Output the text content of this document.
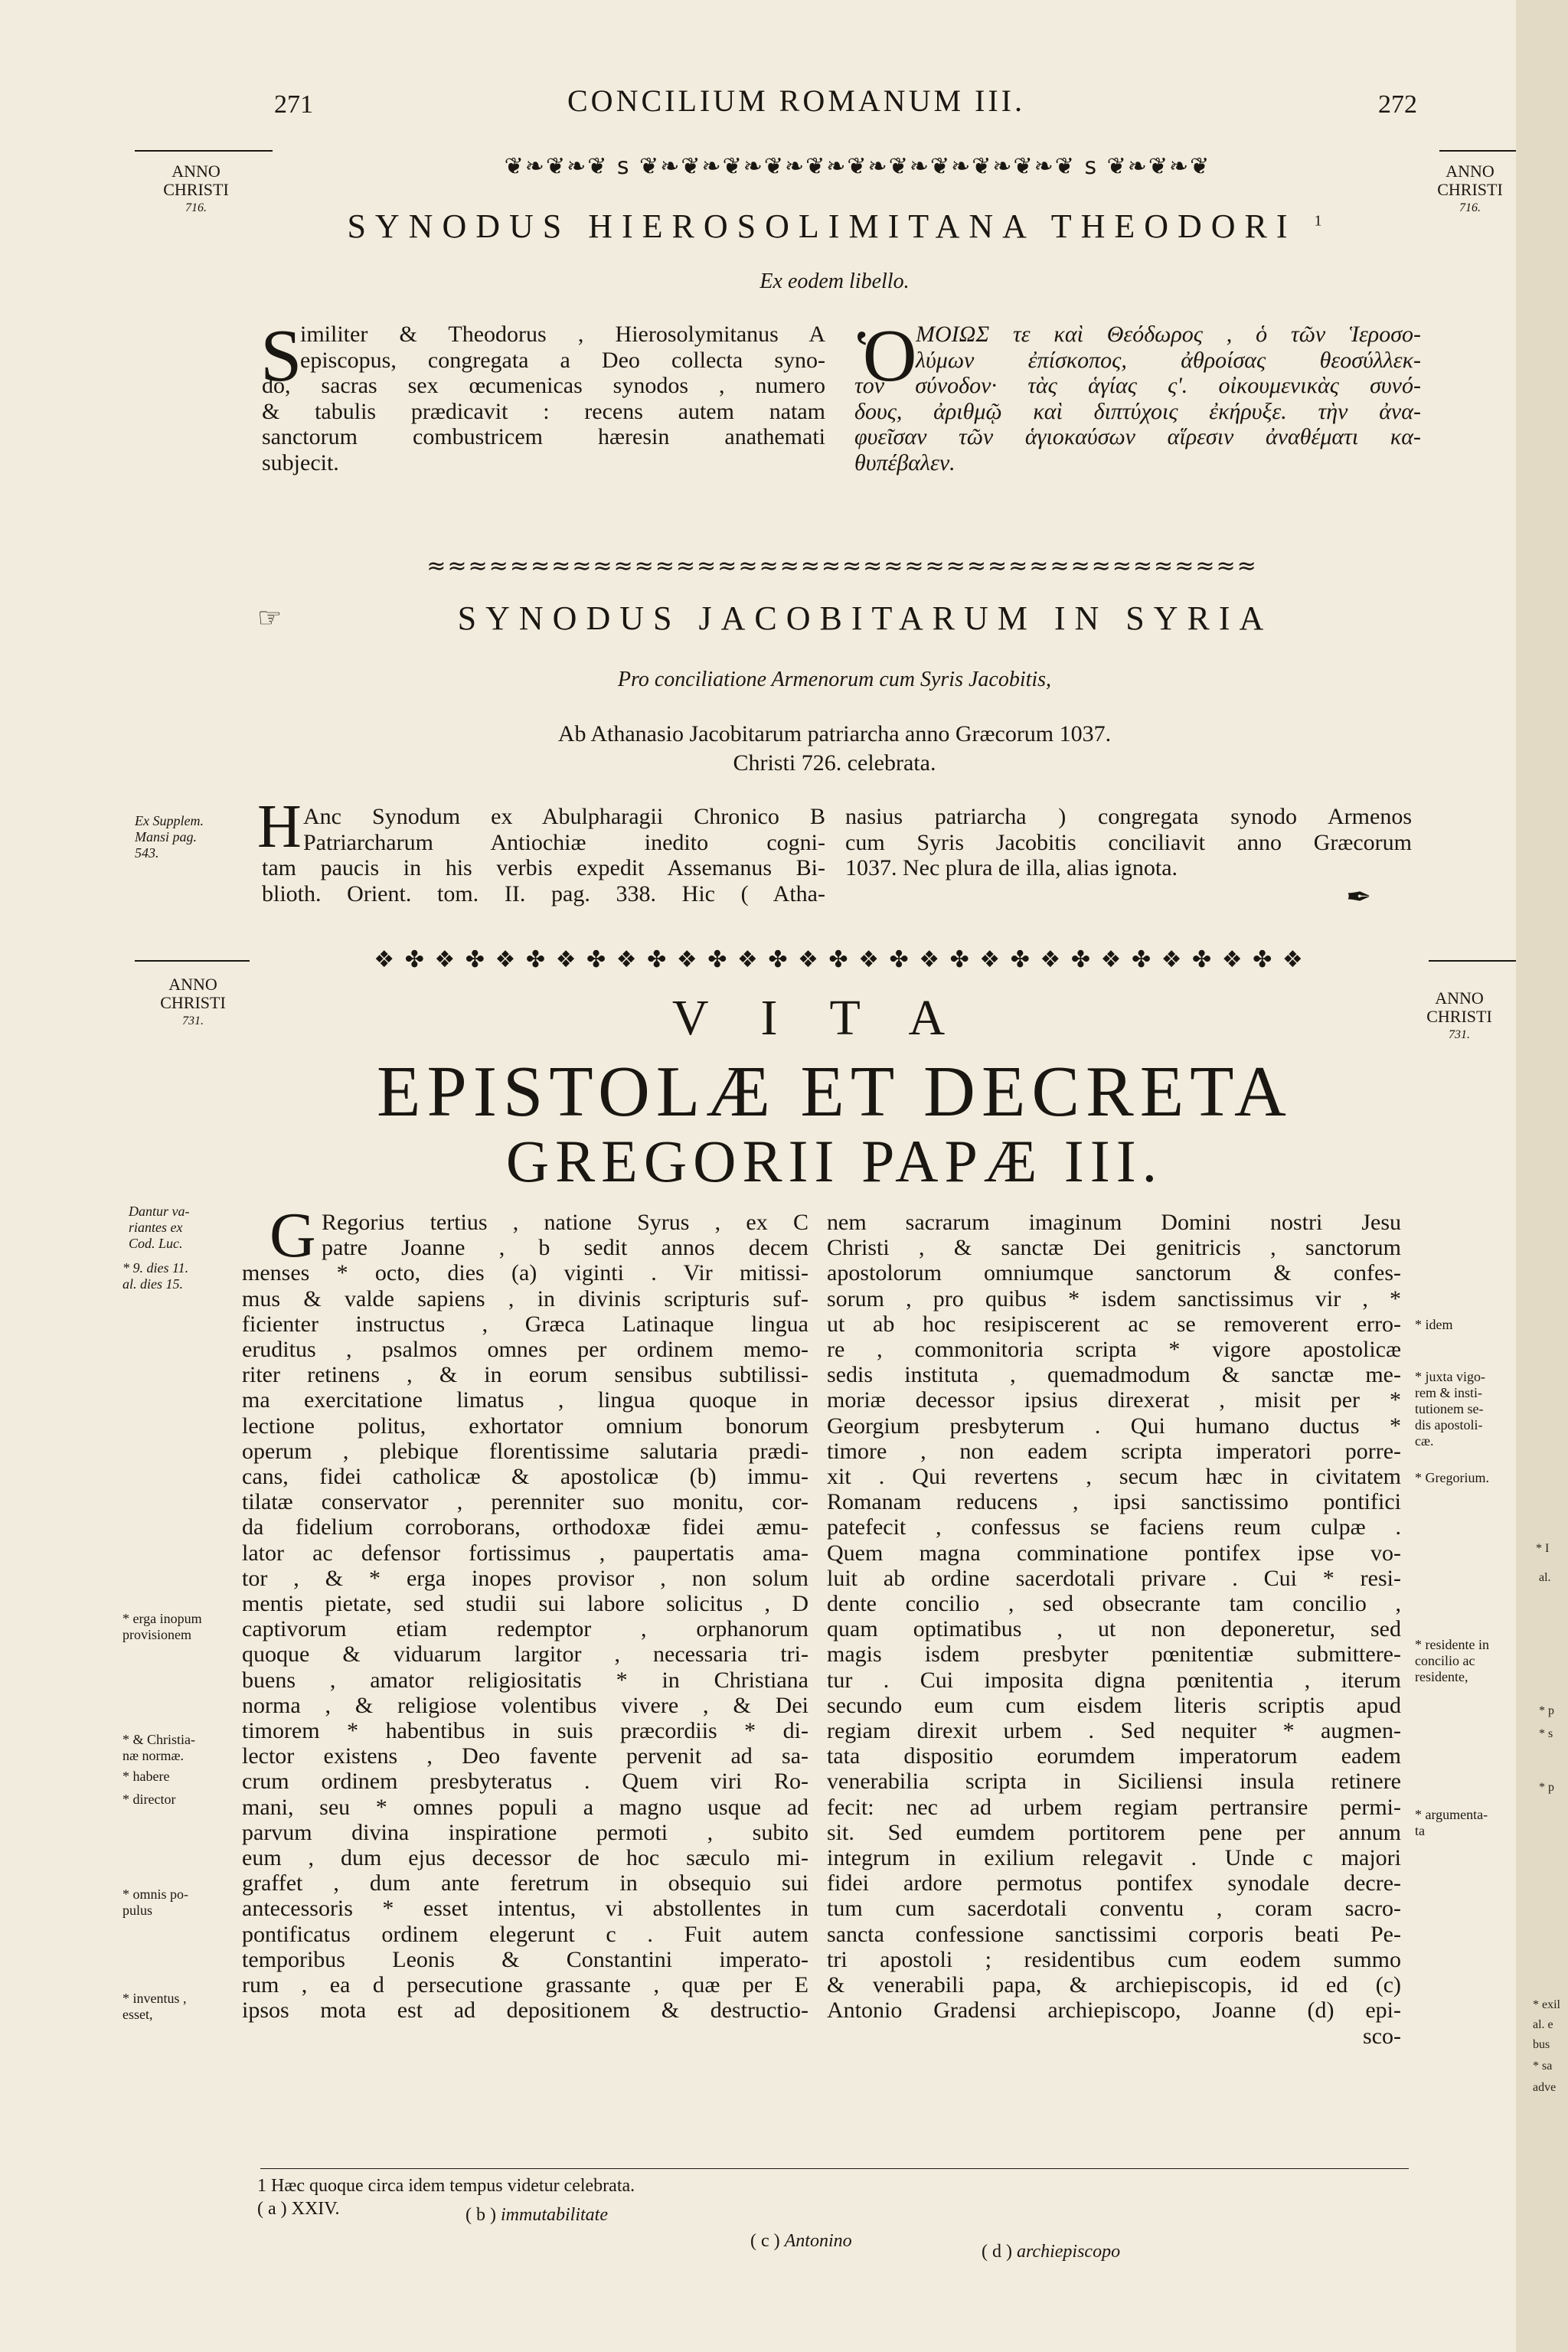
271	CONCILIUM ROMANUM III.	272
❦❧❦❧❦ s ❦❧❦❧❦❧❦❧❦❧❦❧❦❧❦❧❦❧❦❧❦ s ❦❧❦❧❦
ANNO
CHRISTI
716.
ANNO
CHRISTI
716.
SYNODUS HIEROSOLIMITANA THEODORI $^1$
Ex eodem libello.
S
imiliter & Theodorus , Hierosolymitanus A
episcopus, congregata a Deo collecta syno-
do, sacras sex œcumenicas synodos , numero
& tabulis prædicavit : recens autem natam
sanctorum combustricem hæresin anathemati
subjecit.
Ὁ
ΜΟΙΩΣ τε καὶ Θεόδωρος , ὁ τῶν Ἱεροσο-
λύμων ἐπίσκοπος, ἀθροίσας θεοσύλλεκ-
τον σύνοδον· τὰς ἁγίας ς'. οἰκουμενικὰς συνό-
δους, ἀριθμῷ καὶ διπτύχοις ἐκήρυξε. τὴν ἀνα-
φυεῖσαν τῶν ἁγιοκαύσων αἵρεσιν ἀναθέματι κα-
θυπέβαλεν.
≈≈≈≈≈≈≈≈≈≈≈≈≈≈≈≈≈≈≈≈≈≈≈≈≈≈≈≈≈≈≈≈≈≈≈≈≈≈≈≈
☞	SYNODUS JACOBITARUM IN SYRIA
Pro conciliatione Armenorum cum Syris Jacobitis,
Ab Athanasio Jacobitarum patriarcha anno Græcorum 1037.
Christi 726. celebrata.
Ex Supplem.
Mansi pag.
543.	H Anc Synodum ex Abulpharagii Chronico B
Patriarcharum Antiochiæ inedito cogni-
tam paucis in his verbis expedit Assemanus Bi-
blioth. Orient. tom. II. pag. 338. Hic ( Atha-
nasius patriarcha ) congregata synodo Armenos
cum Syris Jacobitis conciliavit anno Græcorum
1037. Nec plura de illa, alias ignota.
✒
❖ ✤ ❖ ✤ ❖ ✤ ❖ ✤ ❖ ✤ ❖ ✤ ❖ ✤ ❖ ✤ ❖ ✤ ❖ ✤ ❖ ✤ ❖ ✤ ❖ ✤ ❖ ✤ ❖ ✤ ❖
ANNO
CHRISTI
731.
ANNO
CHRISTI
731.
VITA
EPISTOLÆ ET DECRETA
GREGORII PAPÆ III.
Dantur va-
riantes ex
Cod. Luc.
* 9. dies 11.
al. dies 15.
* erga inopum
provisionem
* & Christia-
næ normæ.
* habere
* director
* omnis po-
pulus
* inventus ,
esset,
G Regorius tertius , natione Syrus , ex C
patre Joanne , b sedit annos decem
menses * octo, dies (a) viginti . Vir mitissi-
mus & valde sapiens , in divinis scripturis suf-
ficienter instructus , Græca Latinaque lingua
eruditus , psalmos omnes per ordinem memo-
riter retinens , & in eorum sensibus subtilissi-
ma exercitatione limatus , lingua quoque in
lectione politus, exhortator omnium bonorum
operum , plebique florentissime salutaria prædi-
cans, fidei catholicæ & apostolicæ (b) immu-
tilatæ conservator , perenniter suo monitu, cor-
da fidelium corroborans, orthodoxæ fidei æmu-
lator ac defensor fortissimus , paupertatis ama-
tor , & * erga inopes provisor , non solum
mentis pietate, sed studii sui labore solicitus , D
captivorum etiam redemptor , orphanorum
quoque & viduarum largitor , necessaria tri-
buens , amator religiositatis * in Christiana
norma , & religiose volentibus vivere , & Dei
timorem * habentibus in suis præcordiis * di-
lector existens , Deo favente pervenit ad sa-
crum ordinem presbyteratus . Quem viri Ro-
mani, seu * omnes populi a magno usque ad
parvum divina inspiratione permoti , subito
eum , dum ejus decessor de hoc sæculo mi-
graffet , dum ante feretrum in obsequio sui
antecessoris * esset intentus, vi abstollentes in
pontificatus ordinem elegerunt c . Fuit autem
temporibus Leonis & Constantini imperato-
rum , ea d persecutione grassante , quæ per E
ipsos mota est ad depositionem & destructio-
nem sacrarum imaginum Domini nostri Jesu
Christi , & sanctæ Dei genitricis , sanctorum
apostolorum omniumque sanctorum & confes-
sorum , pro quibus * isdem sanctissimus vir , *
ut ab hoc resipiscerent ac se removerent erro-
re , commonitoria scripta * vigore apostolicæ
sedis instituta , quemadmodum & sanctæ me-
moriæ decessor ipsius direxerat , misit per *
Georgium presbyterum . Qui humano ductus *
timore , non eadem scripta imperatori porre-
xit . Qui revertens , secum hæc in civitatem
Romanam reducens , ipsi sanctissimo pontifici
patefecit , confessus se faciens reum culpæ .
Quem magna comminatione pontifex ipse vo-
luit ab ordine sacerdotali privare . Cui * resi-
dente concilio , sed obsecrante tam concilio ,
quam optimatibus , ut non deponeretur, sed
magis isdem presbyter pœnitentiæ submittere-
tur . Cui imposita digna pœnitentia , iterum
secundo eum cum eisdem literis scriptis apud
regiam direxit urbem . Sed nequiter * augmen-
tata dispositio eorumdem imperatorum eadem
venerabilia scripta in Siciliensi insula retinere
fecit: nec ad urbem regiam pertransire permi-
sit. Sed eumdem portitorem pene per annum
integrum in exilium relegavit . Unde c majori
fidei ardore permotus pontifex synodale decre-
tum cum sacerdotali conventu , coram sacro-
sancta confessione sanctissimi corporis beati Pe-
tri apostoli ; residentibus cum eodem summo
& venerabili papa, & archiepiscopis, id ed (c)
Antonio Gradensi archiepiscopo, Joanne (d) epi-
sco-
* idem
* juxta vigo-
rem & insti-
tutionem se-
dis apostoli-
cæ.
* Gregorium.
* residente in
concilio ac
residente,
* argumenta-
ta
1 Hæc quoque circa idem tempus videtur celebrata.
( a ) XXIV.	( b ) immutabilitate
( c ) Antonino
( d ) archiepiscopo
* I
al.
* p
* s
* p
* exil
al. e
bus
* sa
adve
